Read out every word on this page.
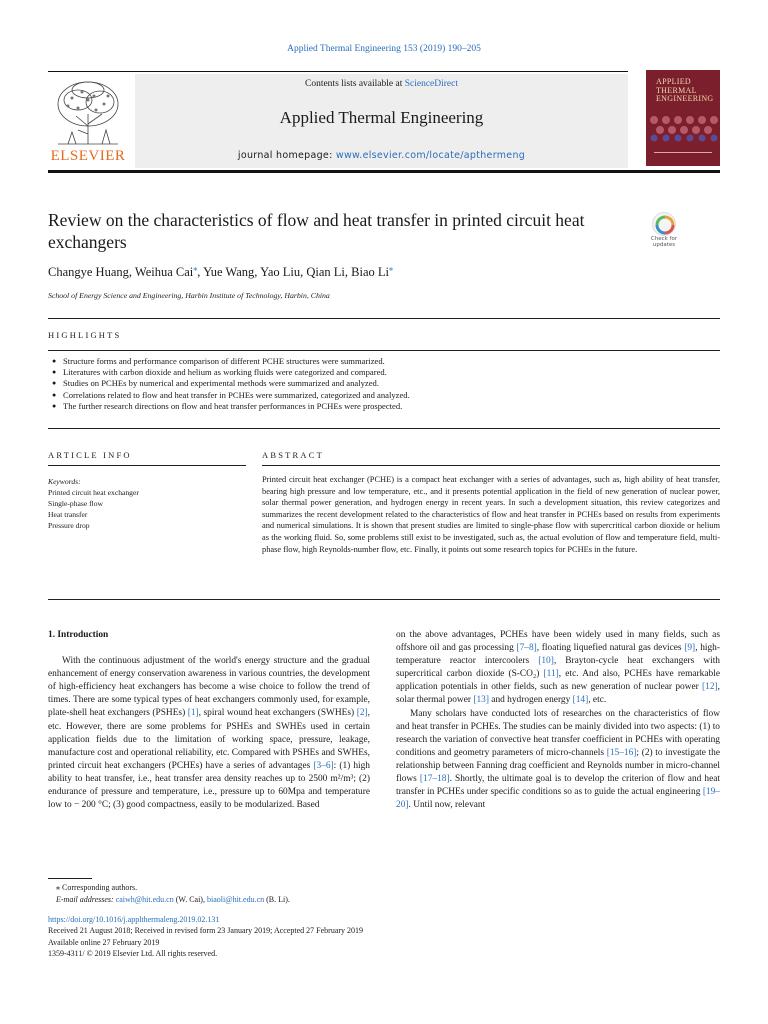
Applied Thermal Engineering 153 (2019) 190–205
ELSEVIER
Contents lists available at ScienceDirect
Applied Thermal Engineering
journal homepage: www.elsevier.com/locate/apthermeng
APPLIED
THERMAL
ENGINEERING
Review on the characteristics of flow and heat transfer in printed circuit heat exchangers	Check for updates
Changye Huang, Weihua Cai⁎, Yue Wang, Yao Liu, Qian Li, Biao Li⁎
School of Energy Science and Engineering, Harbin Institute of Technology, Harbin, China
HIGHLIGHTS
● Structure forms and performance comparison of different PCHE structures were summarized.
● Literatures with carbon dioxide and helium as working fluids were categorized and compared.
● Studies on PCHEs by numerical and experimental methods were summarized and analyzed.
● Correlations related to flow and heat transfer in PCHEs were summarized, categorized and analyzed.
● The further research directions on flow and heat transfer performances in PCHEs were prospected.
ARTICLE INFO	ABSTRACT
Keywords:
Printed circuit heat exchanger
Single-phase flow
Heat transfer
Pressure drop
Printed circuit heat exchanger (PCHE) is a compact heat exchanger with a series of advantages, such as, high ability of heat transfer, bearing high pressure and low temperature, etc., and it presents potential application in the field of new generation of nuclear power, solar thermal power generation, and hydrogen energy in recent years. In such a development situation, this review categorizes and summarizes the recent development related to the characteristics of flow and heat transfer in PCHEs based on results from experiments and numerical simulations. It is shown that present studies are limited to single-phase flow with supercritical carbon dioxide or helium as the working fluid. So, some problems still exist to be investigated, such as, the actual evolution of flow and temperature field, multi-phase flow, high Reynolds-number flow, etc. Finally, it points out some research topics for PCHEs in the future.
1. Introduction

With the continuous adjustment of the world's energy structure and the gradual enhancement of energy conservation awareness in various countries, the development of high-efficiency heat exchangers has become a wise choice to follow the trend of times. There are some typical types of heat exchangers commonly used, for example, plate-shell heat exchangers (PSHEs) [1], spiral wound heat exchangers (SWHEs) [2], etc. However, there are some problems for PSHEs and SWHEs used in certain application fields due to the limitation of working space, pressure, leakage, manufacture cost and operational reliability, etc. Compared with PSHEs and SWHEs, printed circuit heat exchangers (PCHEs) have a series of advantages [3–6]: (1) high ability to heat transfer, i.e., heat transfer area density reaches up to 2500 m²/m³; (2) endurance of pressure and temperature, i.e., pressure up to 60Mpa and temperature low to − 200 °C; (3) good compactness, easily to be modularized. Based

on the above advantages, PCHEs have been widely used in many fields, such as offshore oil and gas processing [7–8], floating liquefied natural gas devices [9], high-temperature reactor intercoolers [10], Brayton-cycle heat exchangers with supercritical carbon dioxide (S-CO₂) [11], etc. And also, PCHEs have remarkable application potentials in other fields, such as new generation of nuclear power [12], solar thermal power [13] and hydrogen energy [14], etc.

Many scholars have conducted lots of researches on the characteristics of flow and heat transfer in PCHEs. The studies can be mainly divided into two aspects: (1) to research the variation of convective heat transfer coefficient in PCHEs with operating conditions and geometry parameters of micro-channels [15–16]; (2) to investigate the relationship between Fanning drag coefficient and Reynolds number in micro-channel flows [17–18]. Shortly, the ultimate goal is to develop the criterion of flow and heat transfer in PCHEs under specific conditions so as to guide the actual engineering [19–20]. Until now, relevant

⁎ Corresponding authors.
E-mail addresses: caiwh@hit.edu.cn (W. Cai), biaoli@hit.edu.cn (B. Li).
https://doi.org/10.1016/j.applthermaleng.2019.02.131
Received 21 August 2018; Received in revised form 23 January 2019; Accepted 27 February 2019
Available online 27 February 2019
1359-4311/ © 2019 Elsevier Ltd. All rights reserved.
